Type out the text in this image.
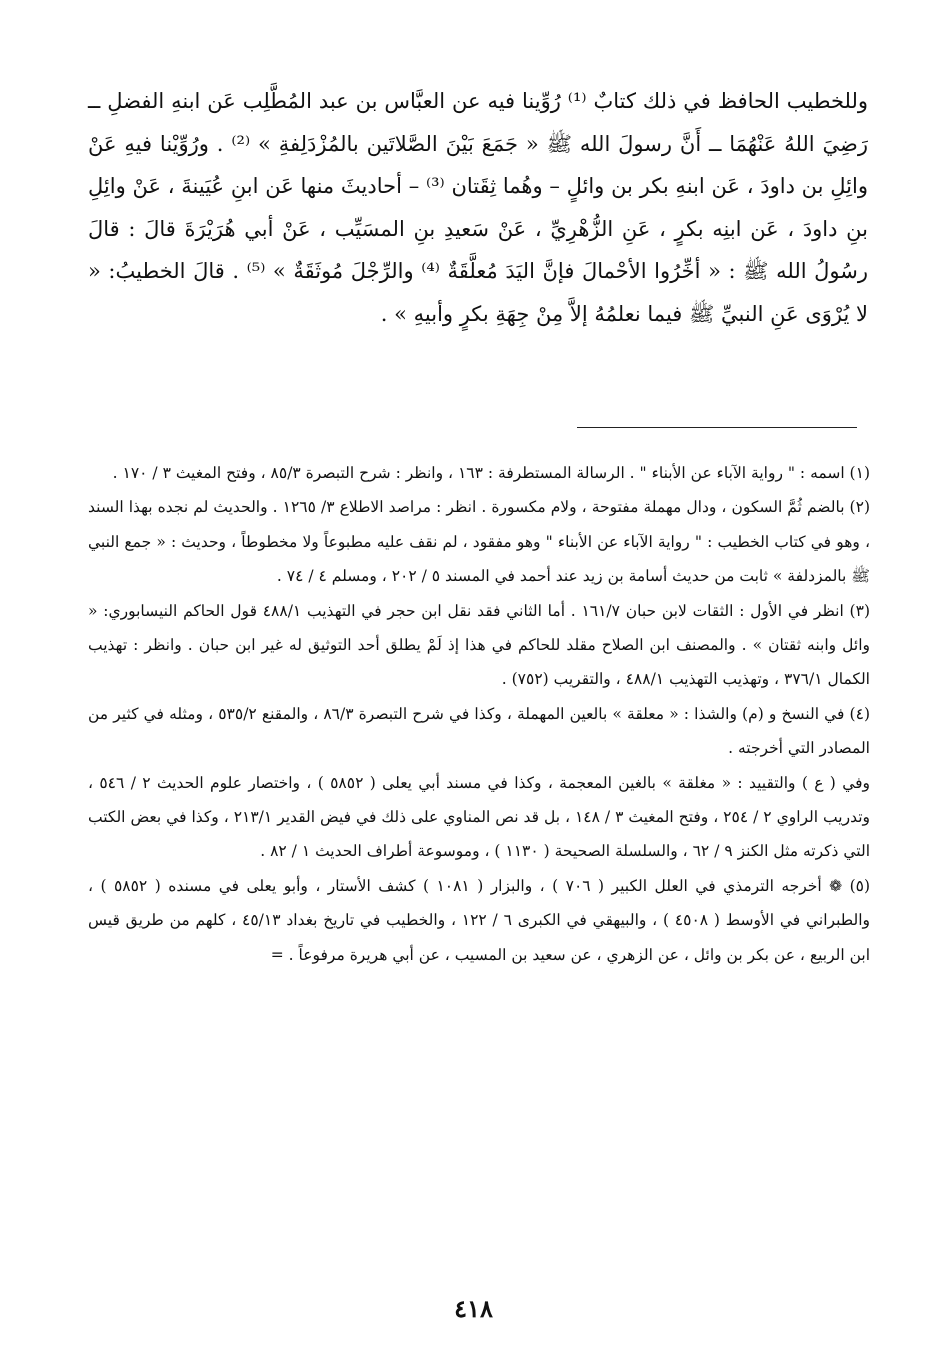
وللخطيب الحافظ في ذلك كتابٌ ⁽¹⁾ رُوِّينا فيه عن العبَّاس بن عبد المُطَّلِب عَن ابنهِ الفضلِ ــ رَضِيَ اللهُ عَنْهُمَا ــ أَنَّ رسولَ الله ﷺ « جَمَعَ بَيْنَ الصَّلاتَين بالمُزْدَلِفةِ » ⁽²⁾ . ورُوِّيْنا فيهِ عَنْ وائِلِ بن داودَ ، عَن ابنهِ بكر بن وائلٍ – وهُما ثِقَتان ⁽³⁾ – أحاديثَ منها عَن ابنِ عُيَينةَ ، عَنْ وائِلِ بنِ داودَ ، عَن ابنِه بكرٍ ، عَنِ الزُّهْرِيِّ ، عَنْ سَعيدِ بنِ المسَيِّب ، عَنْ أبي هُرَيْرَةَ قالَ : قالَ رسُولُ الله ﷺ : « أخِّرُوا الأحْمالَ فإنَّ اليَدَ مُعلَّقَةٌ ⁽⁴⁾ والرِّجْلَ مُوثَقَةٌ » ⁽⁵⁾ . قالَ الخطيبُ: « لا يُرْوَى عَنِ النبيِّ ﷺ فيما نعلمُهُ إلاَّ مِنْ جِهَةِ بكرٍ وأبيهِ » .

(١) اسمه : " رواية الآباء عن الأبناء " . الرسالة المستطرفة : ١٦٣ ، وانظر : شرح التبصرة ٨٥/٣ ، وفتح المغيث ٣ / ١٧٠ .

(٢) بالضم ثُمَّ السكون ، ودال مهملة مفتوحة ، ولام مكسورة . انظر : مراصد الاطلاع ٣/ ١٢٦٥ . والحديث لم نجده بهذا السند ، وهو في كتاب الخطيب : " رواية الآباء عن الأبناء " وهو مفقود ، لم نقف عليه مطبوعاً ولا مخطوطاً ، وحديث : « جمع النبي ﷺ بالمزدلفة » ثابت من حديث أسامة بن زيد عند أحمد في المسند ٥ / ٢٠٢ ، ومسلم ٤ / ٧٤ .

(٣) انظر في الأول : الثقات لابن حبان ١٦١/٧ . أما الثاني فقد نقل ابن حجر في التهذيب ٤٨٨/١ قول الحاكم النيسابوري: « وائل وابنه ثقتان » . والمصنف ابن الصلاح مقلد للحاكم في هذا إذ لَمْ يطلق أحد التوثيق له غير ابن حبان . وانظر : تهذيب الكمال ٣٧٦/١ ، وتهذيب التهذيب ٤٨٨/١ ، والتقريب (٧٥٢) .

(٤) في النسخ و (م) والشذا : « معلقة » بالعين المهملة ، وكذا في شرح التبصرة ٨٦/٣ ، والمقنع ٥٣٥/٢ ، ومثله في كثير من المصادر التي أخرجته .

وفي ( ع ) والتقييد : « مغلقة » بالغين المعجمة ، وكذا في مسند أبي يعلى ( ٥٨٥٢ ) ، واختصار علوم الحديث ٢ / ٥٤٦ ، وتدريب الراوي ٢ / ٢٥٤ ، وفتح المغيث ٣ / ١٤٨ ، بل قد نص المناوي على ذلك في فيض القدير ٢١٣/١ ، وكذا في بعض الكتب التي ذكرته مثل الكنز ٩ / ٦٢ ، والسلسلة الصحيحة ( ١١٣٠ ) ، وموسوعة أطراف الحديث ١ / ٨٢ .

(٥) ❁ أخرجه الترمذي في العلل الكبير ( ٧٠٦ ) ، والبزار ( ١٠٨١ ) كشف الأستار ، وأبو يعلى في مسنده ( ٥٨٥٢ ) ، والطبراني في الأوسط ( ٤٥٠٨ ) ، والبيهقي في الكبرى ٦ / ١٢٢ ، والخطيب في تاريخ بغداد ٤٥/١٣ ، كلهم من طريق قيس ابن الربيع ، عن بكر بن وائل ، عن الزهري ، عن سعيد بن المسيب ، عن أبي هريرة مرفوعاً . =

٤١٨
